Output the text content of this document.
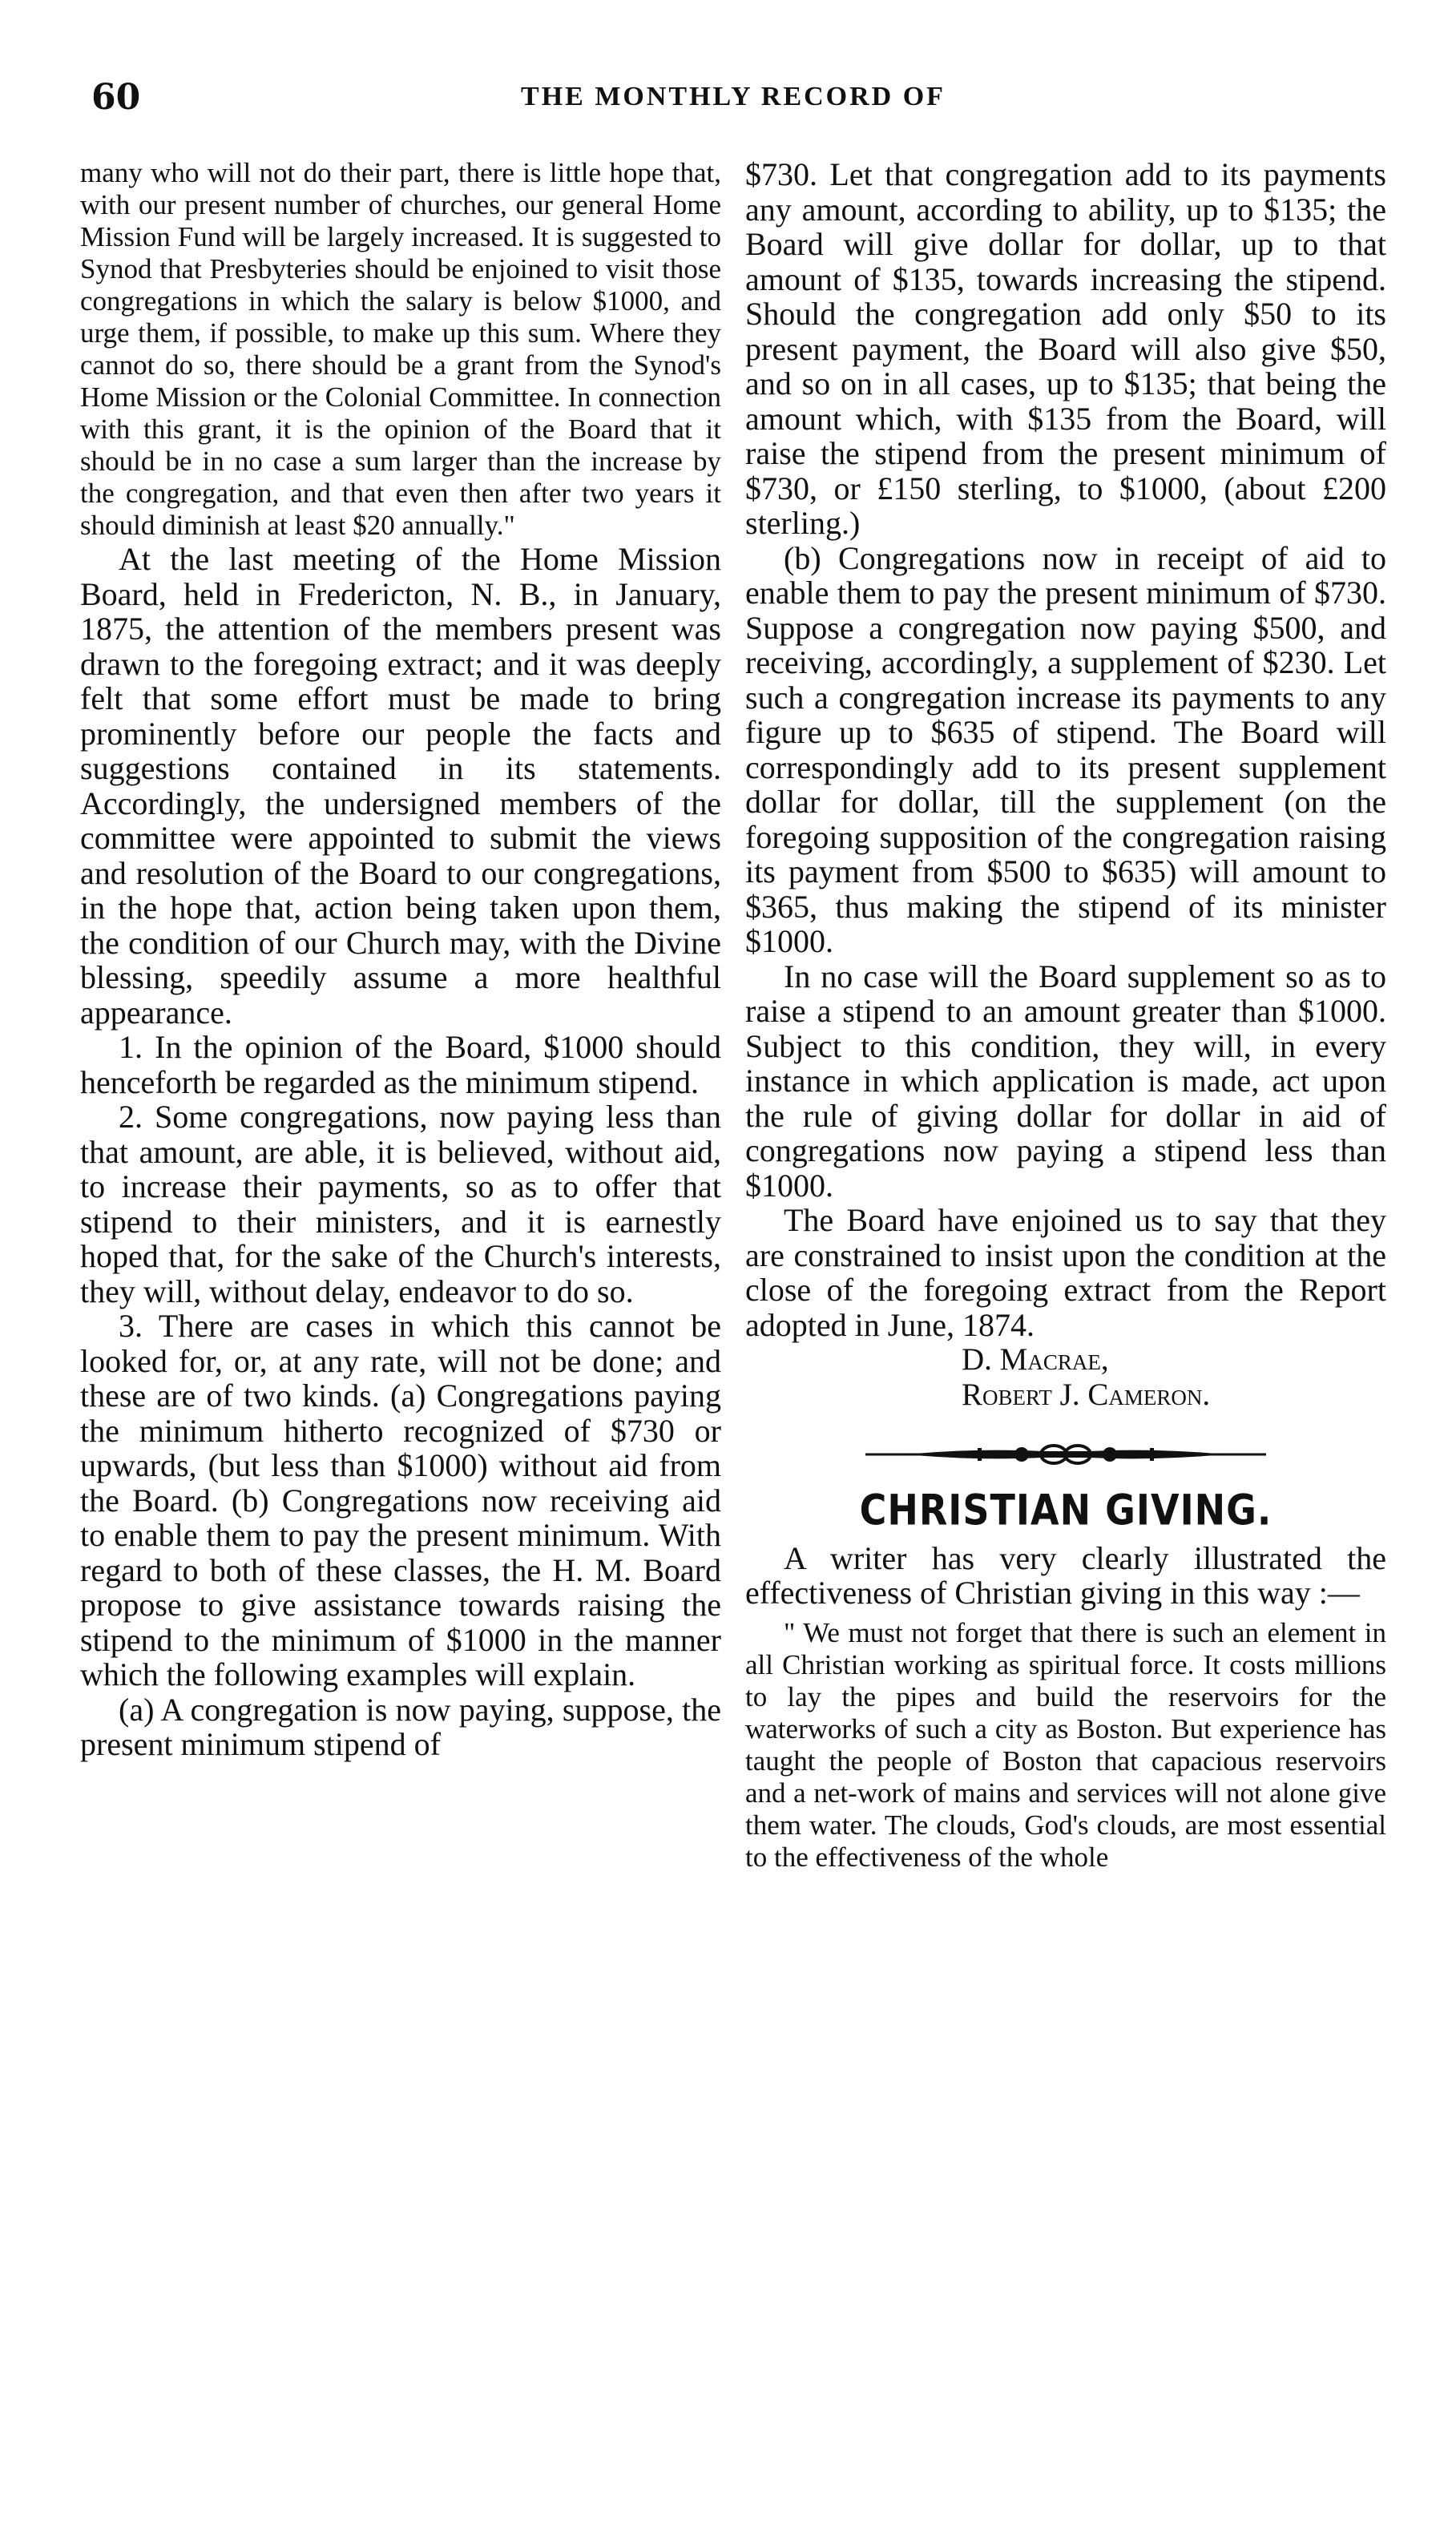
60	THE MONTHLY RECORD OF

many who will not do their part, there is little hope that, with our present number of churches, our general Home Mission Fund will be largely increased. It is suggested to Synod that Presbyteries should be enjoined to visit those congregations in which the salary is below $1000, and urge them, if possible, to make up this sum. Where they cannot do so, there should be a grant from the Synod's Home Mission or the Colonial Committee. In connection with this grant, it is the opinion of the Board that it should be in no case a sum larger than the increase by the congregation, and that even then after two years it should diminish at least $20 annually."

At the last meeting of the Home Mission Board, held in Fredericton, N. B., in January, 1875, the attention of the members present was drawn to the foregoing extract; and it was deeply felt that some effort must be made to bring prominently before our people the facts and suggestions contained in its statements. Accordingly, the undersigned members of the committee were appointed to submit the views and resolution of the Board to our congregations, in the hope that, action being taken upon them, the condition of our Church may, with the Divine blessing, speedily assume a more healthful appearance.

1. In the opinion of the Board, $1000 should henceforth be regarded as the minimum stipend.

2. Some congregations, now paying less than that amount, are able, it is believed, without aid, to increase their payments, so as to offer that stipend to their ministers, and it is earnestly hoped that, for the sake of the Church's interests, they will, without delay, endeavor to do so.

3. There are cases in which this cannot be looked for, or, at any rate, will not be done; and these are of two kinds. (a) Congregations paying the minimum hitherto recognized of $730 or upwards, (but less than $1000) without aid from the Board. (b) Congregations now receiving aid to enable them to pay the present minimum. With regard to both of these classes, the H. M. Board propose to give assistance towards raising the stipend to the minimum of $1000 in the manner which the following examples will explain.

(a) A congregation is now paying, suppose, the present minimum stipend of

$730. Let that congregation add to its payments any amount, according to ability, up to $135; the Board will give dollar for dollar, up to that amount of $135, towards increasing the stipend. Should the congregation add only $50 to its present payment, the Board will also give $50, and so on in all cases, up to $135; that being the amount which, with $135 from the Board, will raise the stipend from the present minimum of $730, or £150 sterling, to $1000, (about £200 sterling.)

(b) Congregations now in receipt of aid to enable them to pay the present minimum of $730. Suppose a congregation now paying $500, and receiving, accordingly, a supplement of $230. Let such a congregation increase its payments to any figure up to $635 of stipend. The Board will correspondingly add to its present supplement dollar for dollar, till the supplement (on the foregoing supposition of the congregation raising its payment from $500 to $635) will amount to $365, thus making the stipend of its minister $1000.

In no case will the Board supplement so as to raise a stipend to an amount greater than $1000. Subject to this condition, they will, in every instance in which application is made, act upon the rule of giving dollar for dollar in aid of congregations now paying a stipend less than $1000.

The Board have enjoined us to say that they are constrained to insist upon the condition at the close of the foregoing extract from the Report adopted in June, 1874.

D. Macrae,
Robert J. Cameron.
CHRISTIAN GIVING.

A writer has very clearly illustrated the effectiveness of Christian giving in this way :—

" We must not forget that there is such an element in all Christian working as spiritual force. It costs millions to lay the pipes and build the reservoirs for the waterworks of such a city as Boston. But experience has taught the people of Boston that capacious reservoirs and a net-work of mains and services will not alone give them water. The clouds, God's clouds, are most essential to the effectiveness of the whole
